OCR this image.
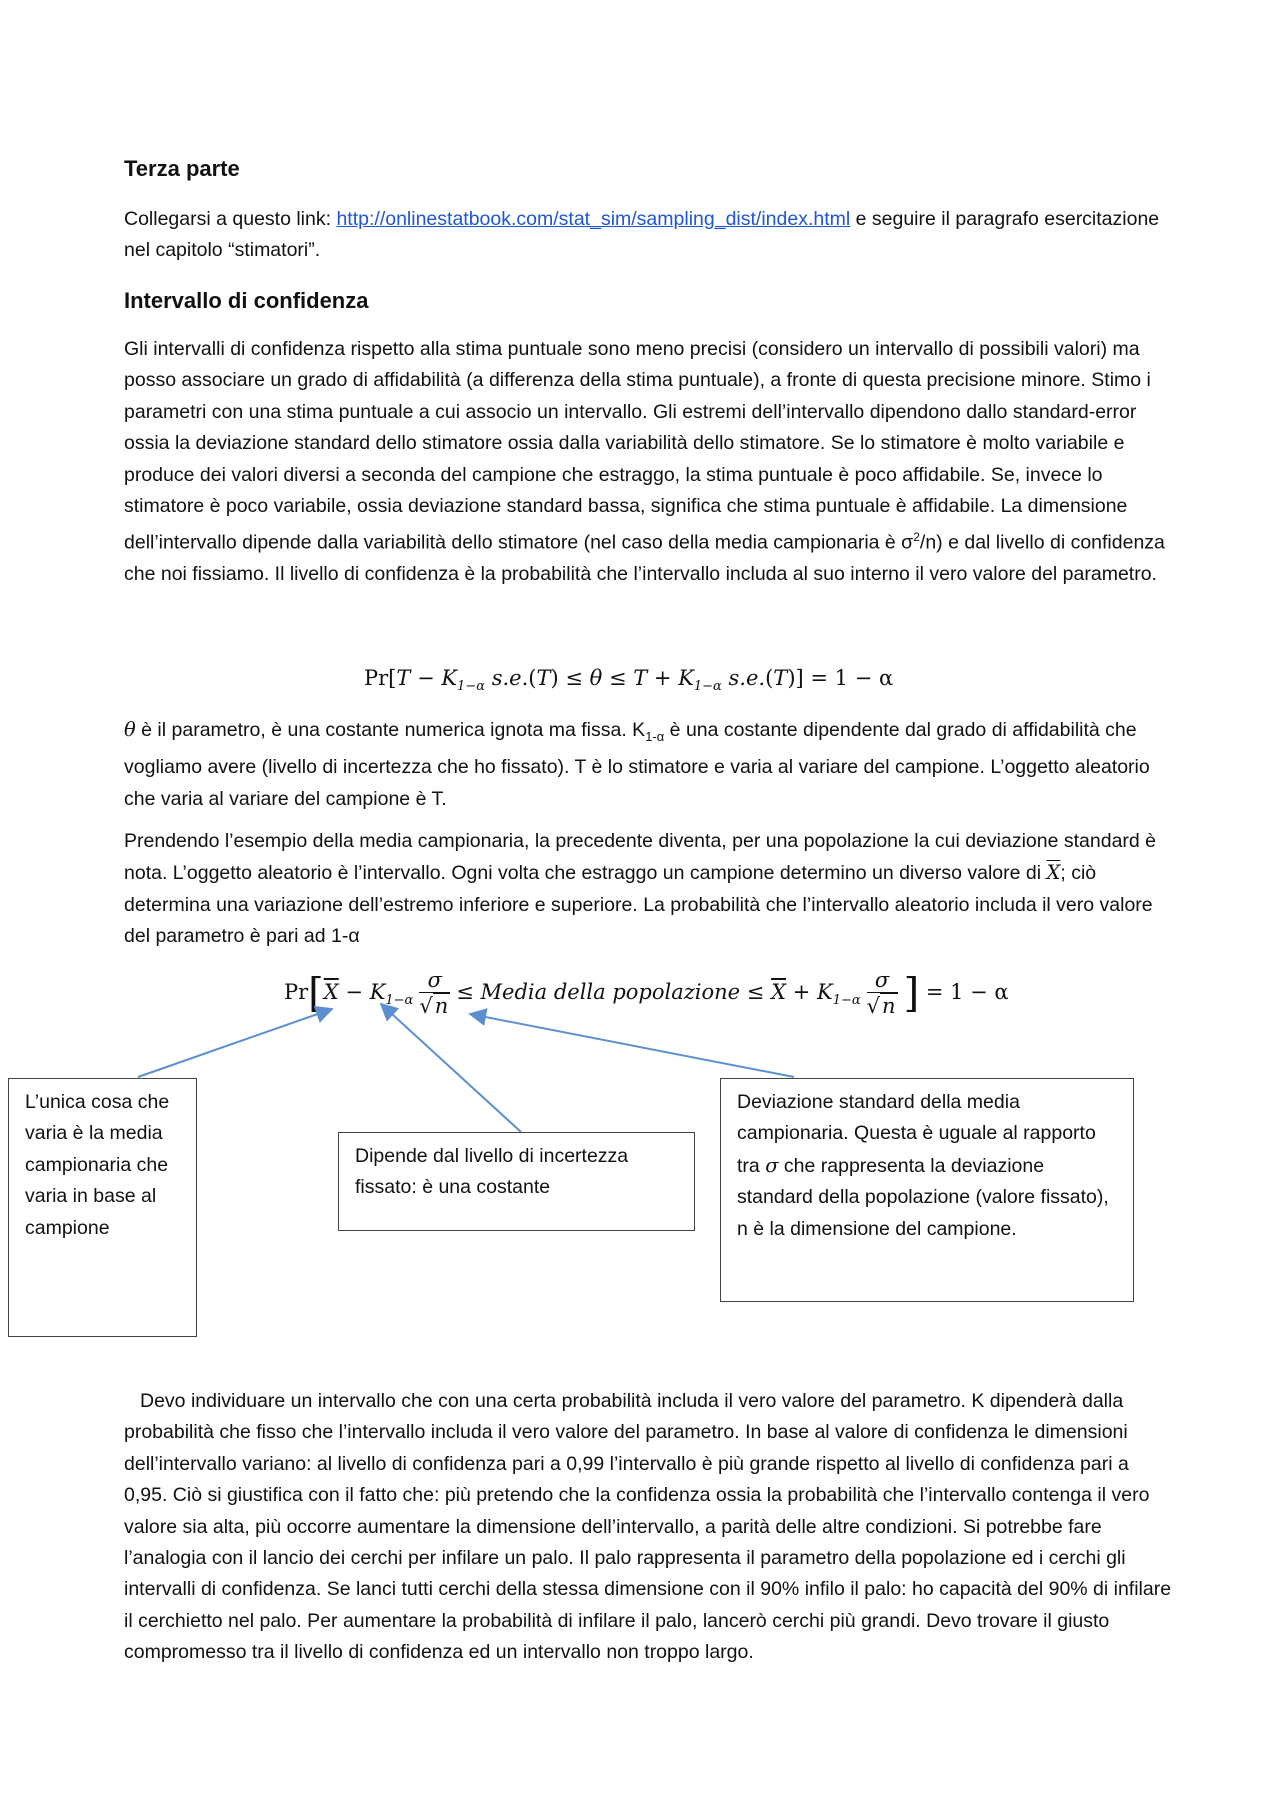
Terza parte

Collegarsi a questo link: http://onlinestatbook.com/stat_sim/sampling_dist/index.html e seguire il paragrafo esercitazione nel capitolo “stimatori”.

Intervallo di confidenza

Gli intervalli di confidenza rispetto alla stima puntuale sono meno precisi (considero un intervallo di possibili valori) ma posso associare un grado di affidabilità (a differenza della stima puntuale), a fronte di questa precisione minore. Stimo i parametri con una stima puntuale a cui associo un intervallo. Gli estremi dell’intervallo dipendono dallo standard-error ossia la deviazione standard dello stimatore ossia dalla variabilità dello stimatore. Se lo stimatore è molto variabile e produce dei valori diversi a seconda del campione che estraggo, la stima puntuale è poco affidabile. Se, invece lo stimatore è poco variabile, ossia deviazione standard bassa, significa che stima puntuale è affidabile. La dimensione dell’intervallo dipende dalla variabilità dello stimatore (nel caso della media campionaria è $\sigma^2/n$) e dal livello di confidenza che noi fissiamo. Il livello di confidenza è la probabilità che l’intervallo includa al suo interno il vero valore del parametro.

$Pr[T - K_{1-\alpha}$ $s.e.(T) \le \theta \le T + K_{1-\alpha}$ s.e.(T)] = 1 − α

θ è il parametro, è una costante numerica ignota ma fissa. $K_{1-\alpha}$ è una costante dipendente dal grado di affidabilità che vogliamo avere (livello di incertezza che ho fissato). T è lo stimatore e varia al variare del campione. L’oggetto aleatorio che varia al variare del campione è T.

Prendendo l’esempio della media campionaria, la precedente diventa, per una popolazione la cui deviazione standard è nota. L’oggetto aleatorio è l’intervallo. Ogni volta che estraggo un campione determino un diverso valore di $\overline{X}$; ciò determina una variazione dell’estremo inferiore e superiore. La probabilità che l’intervallo aleatorio includa il vero valore del parametro è pari ad 1-α

$Pr[\overline{X} - K_{1-\alpha} \frac{\sigma}{√n}$ ≤ Media della popolazione ≤ $\overline{X} + K_{1-\alpha} \frac{\sigma}{√n}$ ] = 1 − α
L’unica cosa che varia è la media campionaria che varia in base al campione
Dipende dal livello di incertezza fissato: è una costante
Deviazione standard della media campionaria. Questa è uguale al rapporto tra σ che rappresenta la deviazione standard della popolazione (valore fissato), n è la dimensione del campione.

Devo individuare un intervallo che con una certa probabilità includa il vero valore del parametro. K dipenderà dalla probabilità che fisso che l’intervallo includa il vero valore del parametro. In base al valore di confidenza le dimensioni dell’intervallo variano: al livello di confidenza pari a 0,99 l’intervallo è più grande rispetto al livello di confidenza pari a 0,95. Ciò si giustifica con il fatto che: più pretendo che la confidenza ossia la probabilità che l’intervallo contenga il vero valore sia alta, più occorre aumentare la dimensione dell’intervallo, a parità delle altre condizioni. Si potrebbe fare l’analogia con il lancio dei cerchi per infilare un palo. Il palo rappresenta il parametro della popolazione ed i cerchi gli intervalli di confidenza. Se lanci tutti cerchi della stessa dimensione con il 90% infilo il palo: ho capacità del 90% di infilare il cerchietto nel palo. Per aumentare la probabilità di infilare il palo, lancerò cerchi più grandi. Devo trovare il giusto compromesso tra il livello di confidenza ed un intervallo non troppo largo.
